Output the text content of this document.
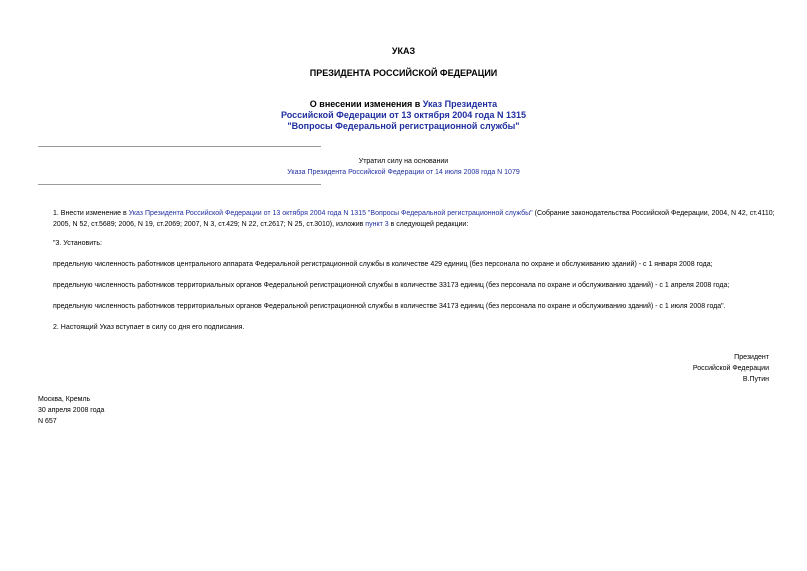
УКАЗ
ПРЕЗИДЕНТА РОССИЙСКОЙ ФЕДЕРАЦИИ
О внесении изменения в Указ Президента
Российской Федерации от 13 октября 2004 года N 1315
"Вопросы Федеральной регистрационной службы"
Утратил силу на основании
Указа Президента Российской Федерации от 14 июля 2008 года N 1079
1. Внести изменение в Указ Президента Российской Федерации от 13 октября 2004 года N 1315 "Вопросы Федеральной регистрационной службы" (Собрание законодательства Российской Федерации, 2004, N 42, ст.4110; 2005, N 52, ст.5689; 2006, N 19, ст.2069; 2007, N 3, ст.429; N 22, ст.2617; N 25, ст.3010), изложив пункт 3 в следующей редакции:
"3. Установить:
предельную численность работников центрального аппарата Федеральной регистрационной службы в количестве 429 единиц (без персонала по охране и обслуживанию зданий) - с 1 января 2008 года;
предельную численность работников территориальных органов Федеральной регистрационной службы в количестве 33173 единиц (без персонала по охране и обслуживанию зданий) - с 1 апреля 2008 года;
предельную численность работников территориальных органов Федеральной регистрационной службы в количестве 34173 единиц (без персонала по охране и обслуживанию зданий) - с 1 июля 2008 года".
2. Настоящий Указ вступает в силу со дня его подписания.
Президент
Российской Федерации
В.Путин
Москва, Кремль
30 апреля 2008 года
N 657
